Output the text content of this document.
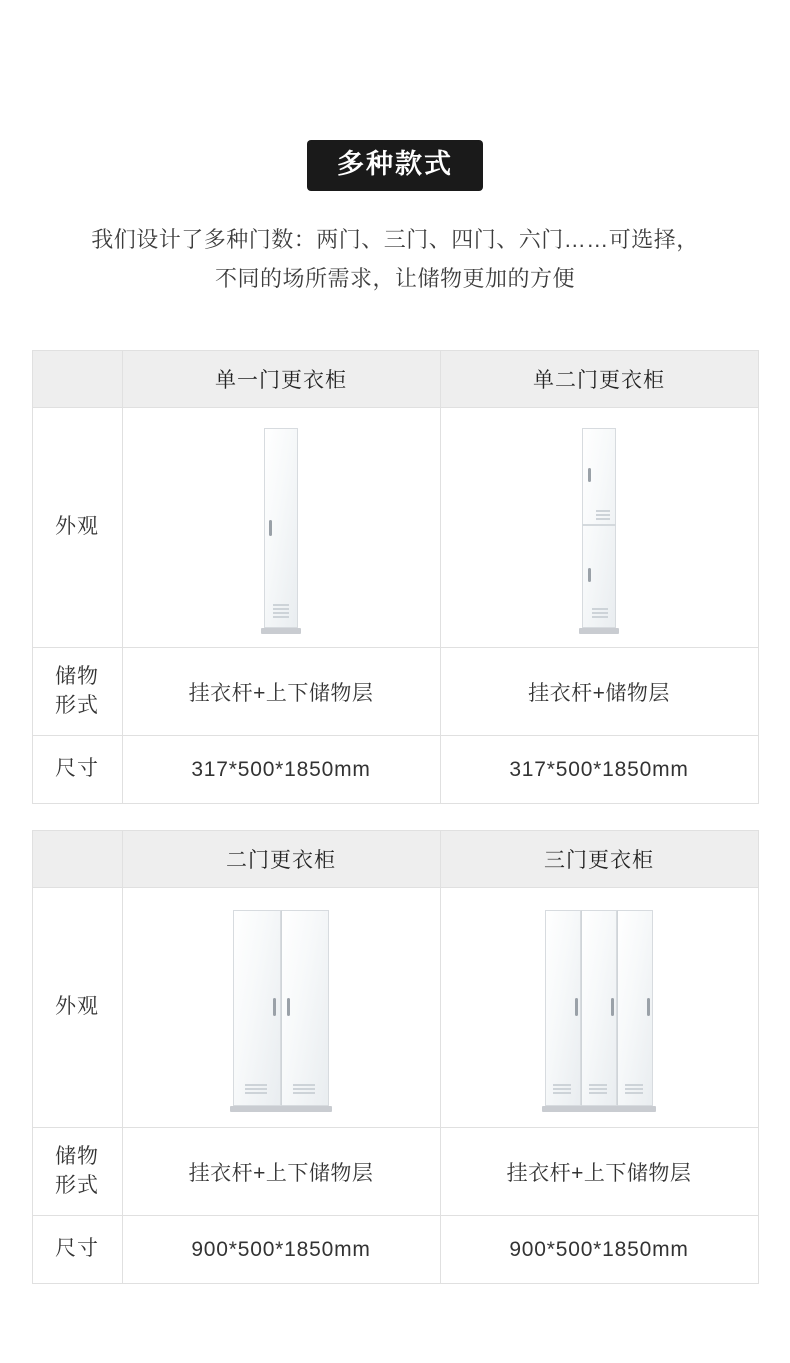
多种款式
我们设计了多种门数：两门、三门、四门、六门……可选择，
不同的场所需求，让储物更加的方便
	单一门更衣柜	单二门更衣柜
外观	

储物
形式	挂衣杆+上下储物层	挂衣杆+储物层
尺寸	317*500*1850mm	317*500*1850mm
	二门更衣柜	三门更衣柜
外观	

储物
形式	挂衣杆+上下储物层	挂衣杆+上下储物层
尺寸	900*500*1850mm	900*500*1850mm
